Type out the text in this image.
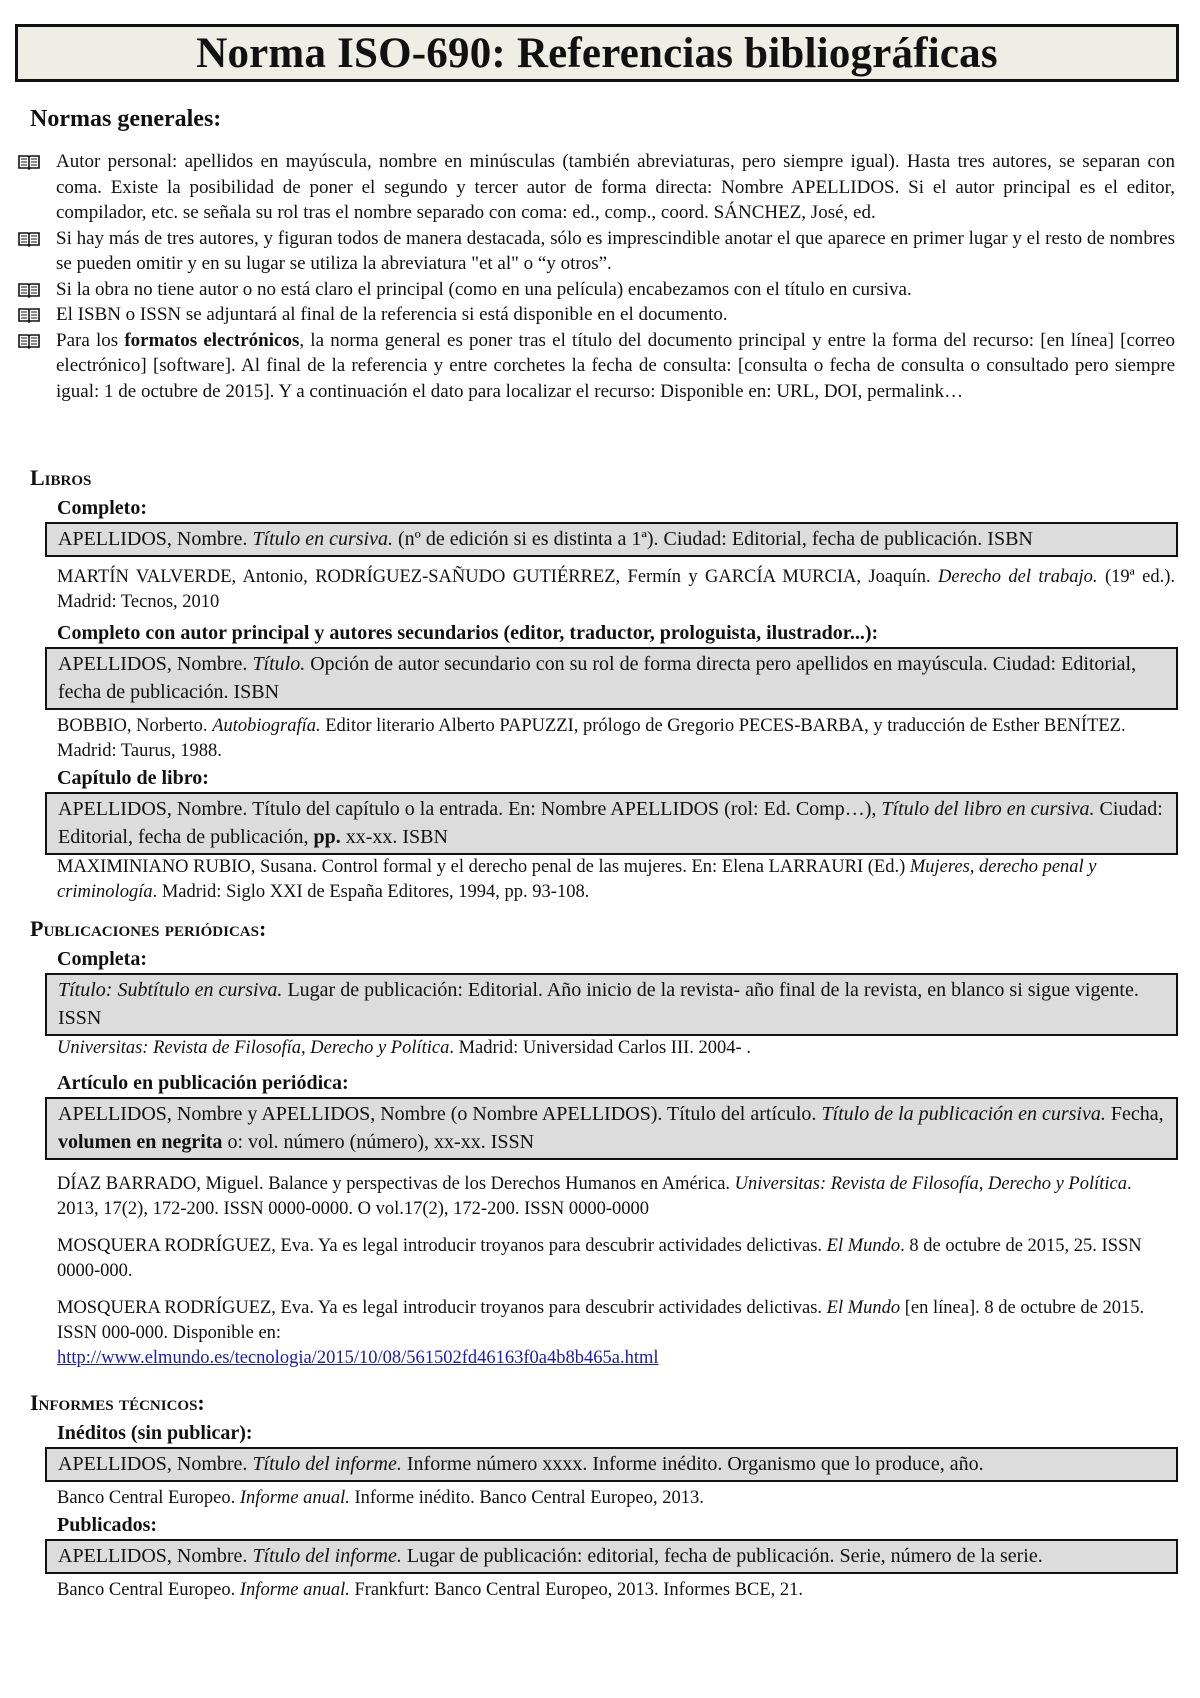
Norma ISO-690: Referencias bibliográficas
Normas generales:
Autor personal: apellidos en mayúscula, nombre en minúsculas (también abreviaturas, pero siempre igual). Hasta tres autores, se separan con coma. Existe la posibilidad de poner el segundo y tercer autor de forma directa: Nombre APELLIDOS. Si el autor principal es el editor, compilador, etc. se señala su rol tras el nombre separado con coma: ed., comp., coord. SÁNCHEZ, José, ed.
Si hay más de tres autores, y figuran todos de manera destacada, sólo es imprescindible anotar el que aparece en primer lugar y el resto de nombres se pueden omitir y en su lugar se utiliza la abreviatura "et al" o “y otros”.
Si la obra no tiene autor o no está claro el principal (como en una película) encabezamos con el título en cursiva.
El ISBN o ISSN se adjuntará al final de la referencia si está disponible en el documento.
Para los formatos electrónicos, la norma general es poner tras el título del documento principal y entre la forma del recurso: [en línea] [correo electrónico] [software]. Al final de la referencia y entre corchetes la fecha de consulta: [consulta o fecha de consulta o consultado pero siempre igual: 1 de octubre de 2015]. Y a continuación el dato para localizar el recurso: Disponible en: URL, DOI, permalink…
Libros
Completo:
APELLIDOS, Nombre. Título en cursiva. (nº de edición si es distinta a 1ª). Ciudad: Editorial, fecha de publicación. ISBN
MARTÍN VALVERDE, Antonio, RODRÍGUEZ-SAÑUDO GUTIÉRREZ, Fermín y GARCÍA MURCIA, Joaquín. Derecho del trabajo. (19ª ed.). Madrid: Tecnos, 2010
Completo con autor principal y autores secundarios (editor, traductor, prologuista, ilustrador...):
APELLIDOS, Nombre. Título. Opción de autor secundario con su rol de forma directa pero apellidos en mayúscula. Ciudad: Editorial, fecha de publicación. ISBN
BOBBIO, Norberto. Autobiografía. Editor literario Alberto PAPUZZI, prólogo de Gregorio PECES-BARBA, y traducción de Esther BENÍTEZ. Madrid: Taurus, 1988.
Capítulo de libro:
APELLIDOS, Nombre. Título del capítulo o la entrada. En: Nombre APELLIDOS (rol: Ed. Comp…), Título del libro en cursiva. Ciudad: Editorial, fecha de publicación, pp. xx-xx. ISBN
MAXIMINIANO RUBIO, Susana. Control formal y el derecho penal de las mujeres. En: Elena LARRAURI (Ed.) Mujeres, derecho penal y criminología. Madrid: Siglo XXI de España Editores, 1994, pp. 93-108.
Publicaciones periódicas:
Completa:
Título: Subtítulo en cursiva. Lugar de publicación: Editorial. Año inicio de la revista- año final de la revista, en blanco si sigue vigente. ISSN
Universitas: Revista de Filosofía, Derecho y Política. Madrid: Universidad Carlos III. 2004- .
Artículo en publicación periódica:
APELLIDOS, Nombre y APELLIDOS, Nombre (o Nombre APELLIDOS). Título del artículo. Título de la publicación en cursiva. Fecha, volumen en negrita o: vol. número (número), xx-xx. ISSN
DÍAZ BARRADO, Miguel. Balance y perspectivas de los Derechos Humanos en América. Universitas: Revista de Filosofía, Derecho y Política. 2013, 17(2), 172-200. ISSN 0000-0000. O vol.17(2), 172-200. ISSN 0000-0000
MOSQUERA RODRÍGUEZ, Eva. Ya es legal introducir troyanos para descubrir actividades delictivas. El Mundo. 8 de octubre de 2015, 25. ISSN 0000-000.
MOSQUERA RODRÍGUEZ, Eva. Ya es legal introducir troyanos para descubrir actividades delictivas. El Mundo [en línea]. 8 de octubre de 2015. ISSN 000-000. Disponible en:
http://www.elmundo.es/tecnologia/2015/10/08/561502fd46163f0a4b8b465a.html
Informes técnicos:
Inéditos (sin publicar):
APELLIDOS, Nombre. Título del informe. Informe número xxxx. Informe inédito. Organismo que lo produce, año.
Banco Central Europeo. Informe anual. Informe inédito. Banco Central Europeo, 2013.
Publicados:
APELLIDOS, Nombre. Título del informe. Lugar de publicación: editorial, fecha de publicación. Serie, número de la serie.
Banco Central Europeo. Informe anual. Frankfurt: Banco Central Europeo, 2013. Informes BCE, 21.
